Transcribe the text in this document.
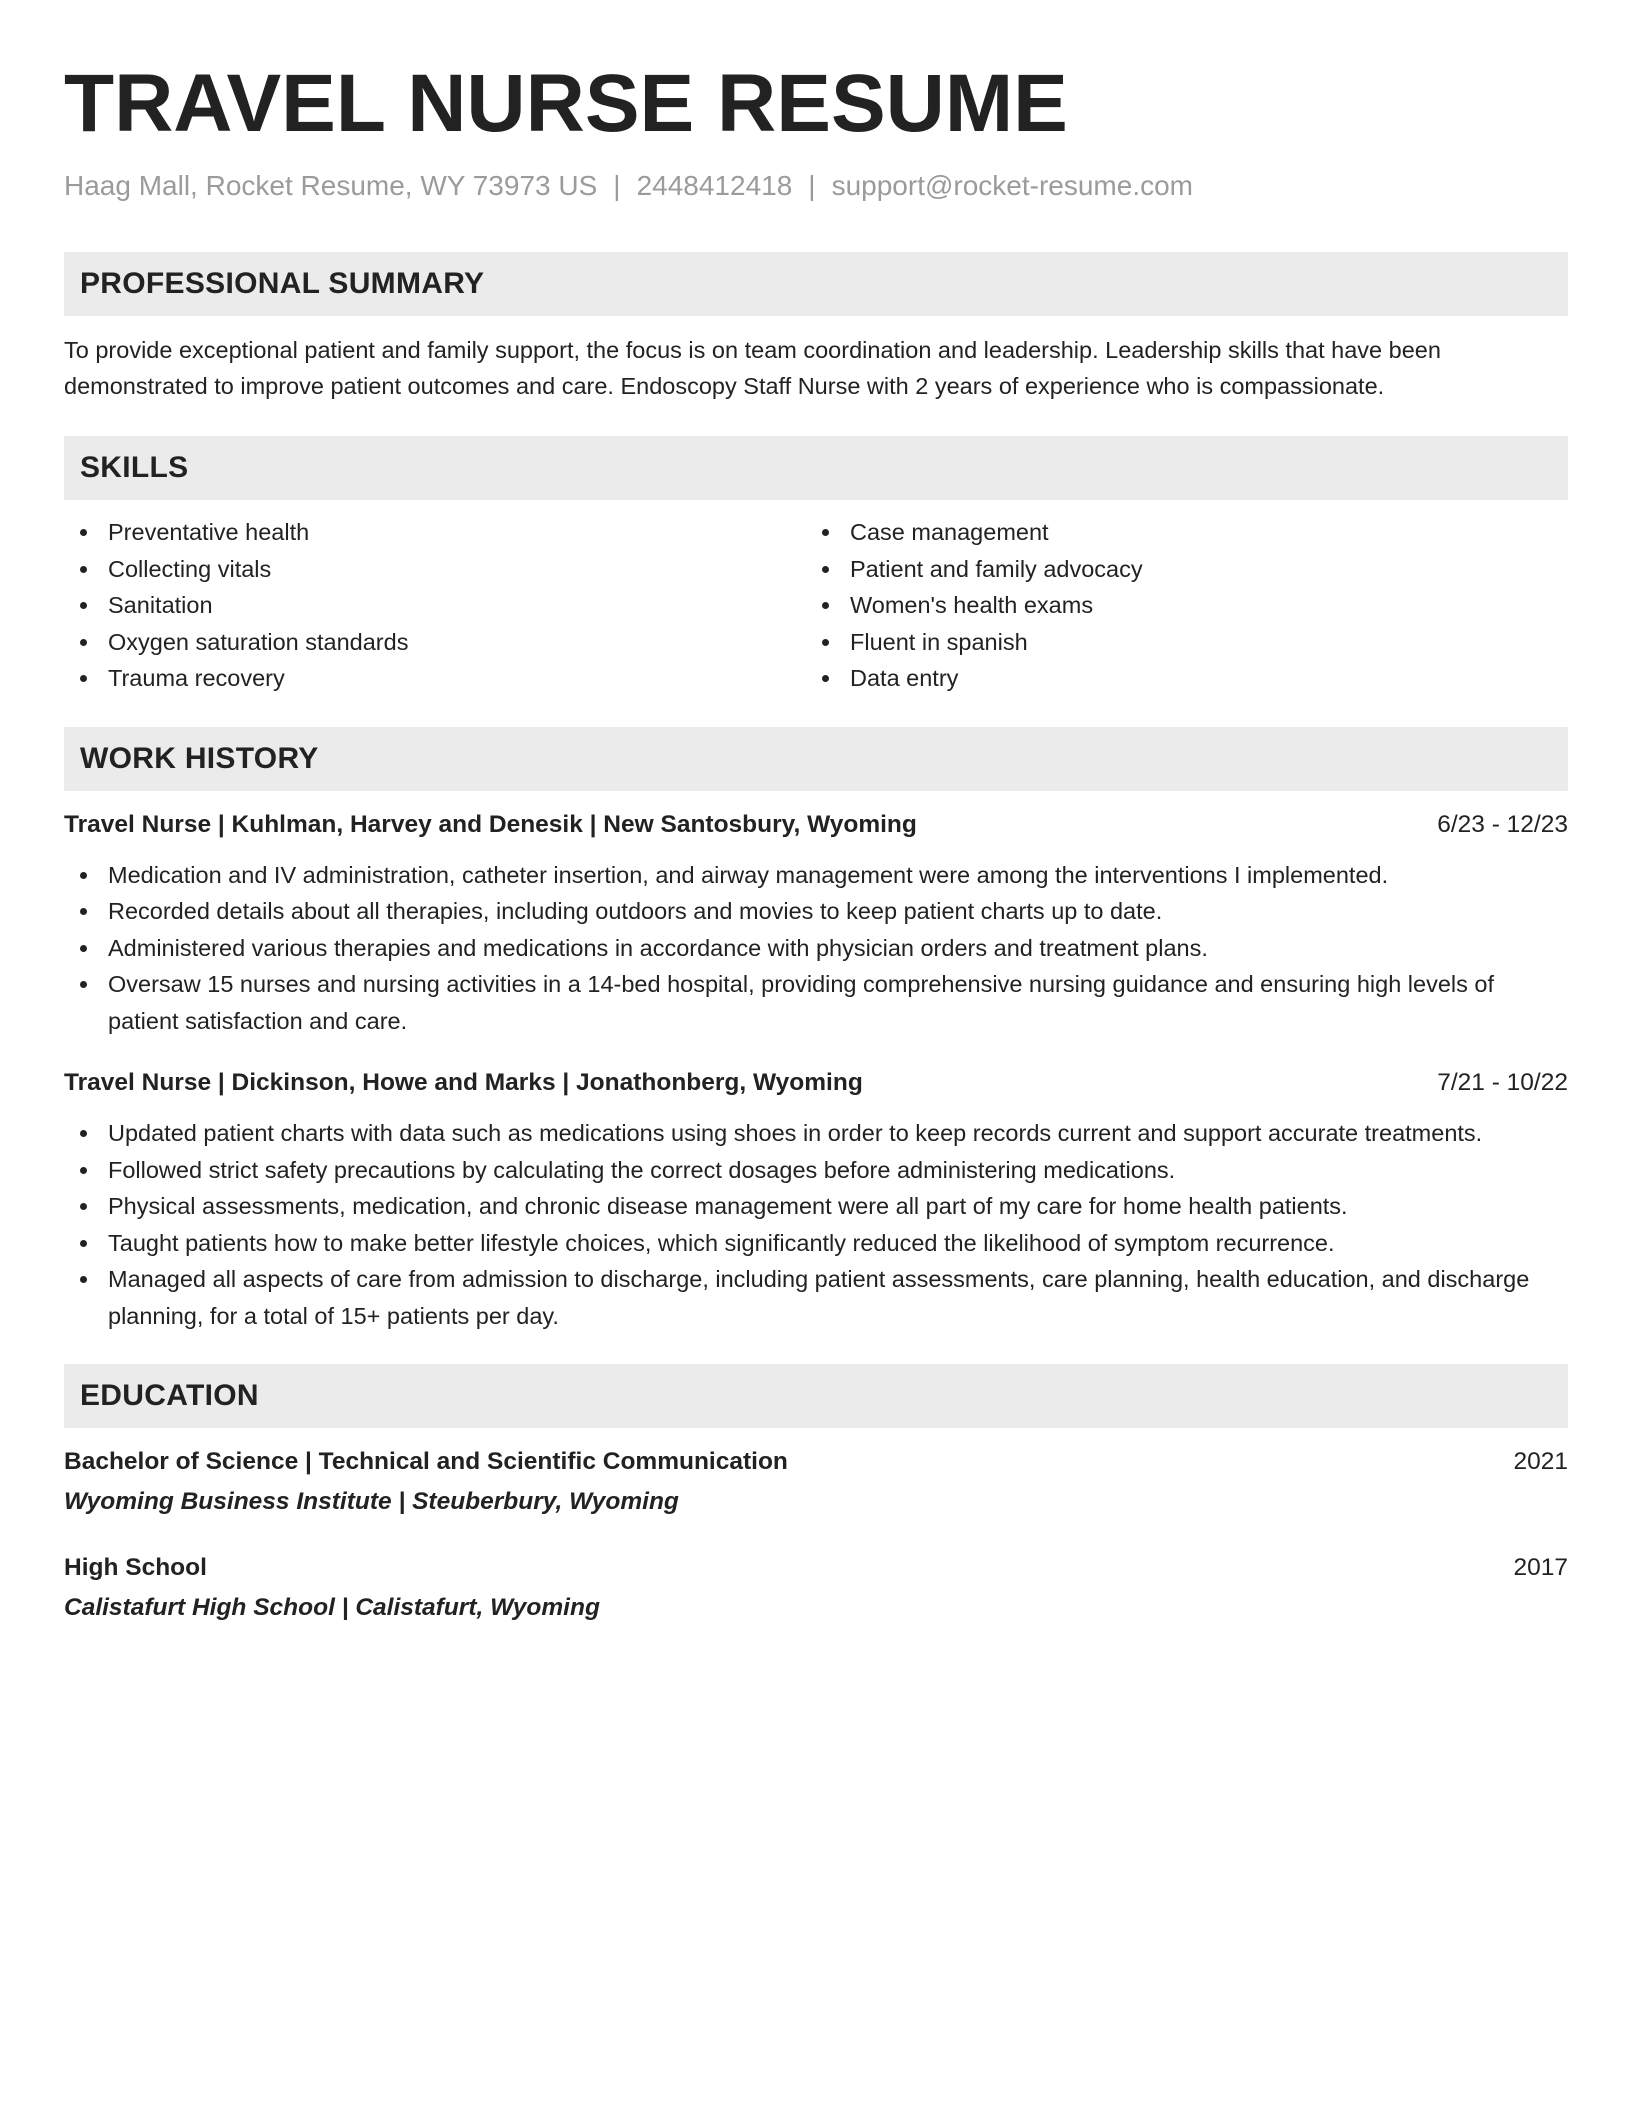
TRAVEL NURSE RESUME
Haag Mall, Rocket Resume, WY 73973 US | 2448412418 | support@rocket-resume.com
PROFESSIONAL SUMMARY
To provide exceptional patient and family support, the focus is on team coordination and leadership. Leadership skills that have been demonstrated to improve patient outcomes and care. Endoscopy Staff Nurse with 2 years of experience who is compassionate.
SKILLS
Preventative health
Collecting vitals
Sanitation
Oxygen saturation standards
Trauma recovery
Case management
Patient and family advocacy
Women's health exams
Fluent in spanish
Data entry
WORK HISTORY
Travel Nurse | Kuhlman, Harvey and Denesik | New Santosbury, Wyoming	6/23 - 12/23
Medication and IV administration, catheter insertion, and airway management were among the interventions I implemented.
Recorded details about all therapies, including outdoors and movies to keep patient charts up to date.
Administered various therapies and medications in accordance with physician orders and treatment plans.
Oversaw 15 nurses and nursing activities in a 14-bed hospital, providing comprehensive nursing guidance and ensuring high levels of patient satisfaction and care.
Travel Nurse | Dickinson, Howe and Marks | Jonathonberg, Wyoming	7/21 - 10/22
Updated patient charts with data such as medications using shoes in order to keep records current and support accurate treatments.
Followed strict safety precautions by calculating the correct dosages before administering medications.
Physical assessments, medication, and chronic disease management were all part of my care for home health patients.
Taught patients how to make better lifestyle choices, which significantly reduced the likelihood of symptom recurrence.
Managed all aspects of care from admission to discharge, including patient assessments, care planning, health education, and discharge planning, for a total of 15+ patients per day.
EDUCATION
Bachelor of Science | Technical and Scientific Communication	2021
Wyoming Business Institute | Steuberbury, Wyoming
High School	2017
Calistafurt High School | Calistafurt, Wyoming
